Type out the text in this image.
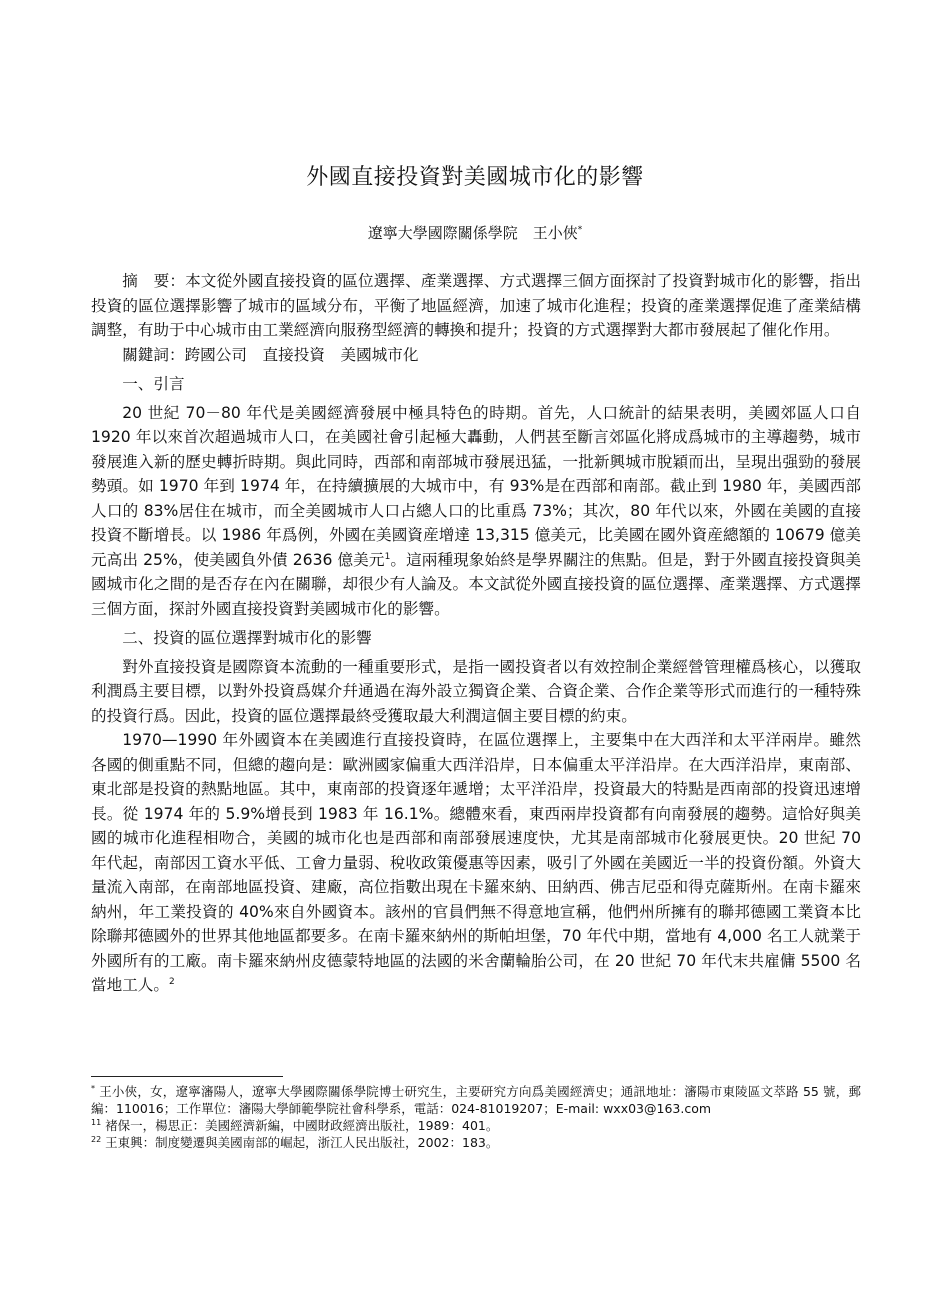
外國直接投資對美國城市化的影響
遼寧大學國際關係學院　王小俠*

摘　要：本文從外國直接投資的區位選擇、產業選擇、方式選擇三個方面探討了投資對城市化的影響，指出投資的區位選擇影響了城市的區域分布，平衡了地區經濟，加速了城市化進程；投資的產業選擇促進了產業結構調整，有助于中心城市由工業經濟向服務型經濟的轉換和提升；投資的方式選擇對大都市發展起了催化作用。

關鍵詞：跨國公司　直接投資　美國城市化

一、引言

20 世紀 70－80 年代是美國經濟發展中極具特色的時期。首先，人口統計的結果表明，美國郊區人口自 1920 年以來首次超過城市人口，在美國社會引起極大轟動，人們甚至斷言郊區化將成爲城市的主導趨勢，城市發展進入新的歷史轉折時期。與此同時，西部和南部城市發展迅猛，一批新興城市脫穎而出，呈現出强勁的發展勢頭。如 1970 年到 1974 年，在持續擴展的大城市中，有 93%是在西部和南部。截止到 1980 年，美國西部人口的 83%居住在城市，而全美國城市人口占總人口的比重爲 73%；其次，80 年代以來，外國在美國的直接投資不斷增長。以 1986 年爲例，外國在美國資産增達 13,315 億美元，比美國在國外資産總額的 10679 億美元高出 25%，使美國負外債 2636 億美元$^1$。這兩種現象始終是學界關注的焦點。但是，對于外國直接投資與美國城市化之間的是否存在內在關聯，却很少有人論及。本文試從外國直接投資的區位選擇、產業選擇、方式選擇三個方面，探討外國直接投資對美國城市化的影響。

二、投資的區位選擇對城市化的影響

對外直接投資是國際資本流動的一種重要形式，是指一國投資者以有效控制企業經營管理權爲核心，以獲取利潤爲主要目標，以對外投資爲媒介幷通過在海外設立獨資企業、合資企業、合作企業等形式而進行的一種特殊的投資行爲。因此，投資的區位選擇最終受獲取最大利潤這個主要目標的約束。

1970—1990 年外國資本在美國進行直接投資時，在區位選擇上，主要集中在大西洋和太平洋兩岸。雖然各國的側重點不同，但總的趨向是：歐洲國家偏重大西洋沿岸，日本偏重太平洋沿岸。在大西洋沿岸，東南部、東北部是投資的熱點地區。其中，東南部的投資逐年遞增；太平洋沿岸，投資最大的特點是西南部的投資迅速增長。從 1974 年的 5.9%增長到 1983 年 16.1%。總體來看，東西兩岸投資都有向南發展的趨勢。這恰好與美國的城市化進程相吻合，美國的城市化也是西部和南部發展速度快，尤其是南部城市化發展更快。20 世紀 70 年代起，南部因工資水平低、工會力量弱、稅收政策優惠等因素，吸引了外國在美國近一半的投資份額。外資大量流入南部，在南部地區投資、建廠，高位指數出現在卡羅來納、田納西、佛吉尼亞和得克薩斯州。在南卡羅來納州，年工業投資的 40%來自外國資本。該州的官員們無不得意地宣稱，他們州所擁有的聯邦德國工業資本比除聯邦德國外的世界其他地區都要多。在南卡羅來納州的斯帕坦堡，70 年代中期，當地有 4,000 名工人就業于外國所有的工廠。南卡羅來納州皮德蒙特地區的法國的米舍蘭輪胎公司，在 20 世紀 70 年代末共雇傭 5500 名當地工人。$^2$

* 王小俠，女，遼寧瀋陽人，遼寧大學國際關係學院博士研究生，主要研究方向爲美國經濟史；通訊地址：瀋陽市東陵區文萃路 55 號，郵編：110016；工作單位：瀋陽大學師範學院社會科學系，電話：024-81019207；E-mail: wxx03@163.com

$^{11}$ 褚保一，楊思正：美國經濟新編，中國財政經濟出版社，1989：401。

$^{22}$ 王東興：制度變遷與美國南部的崛起，浙江人民出版社，2002：183。
